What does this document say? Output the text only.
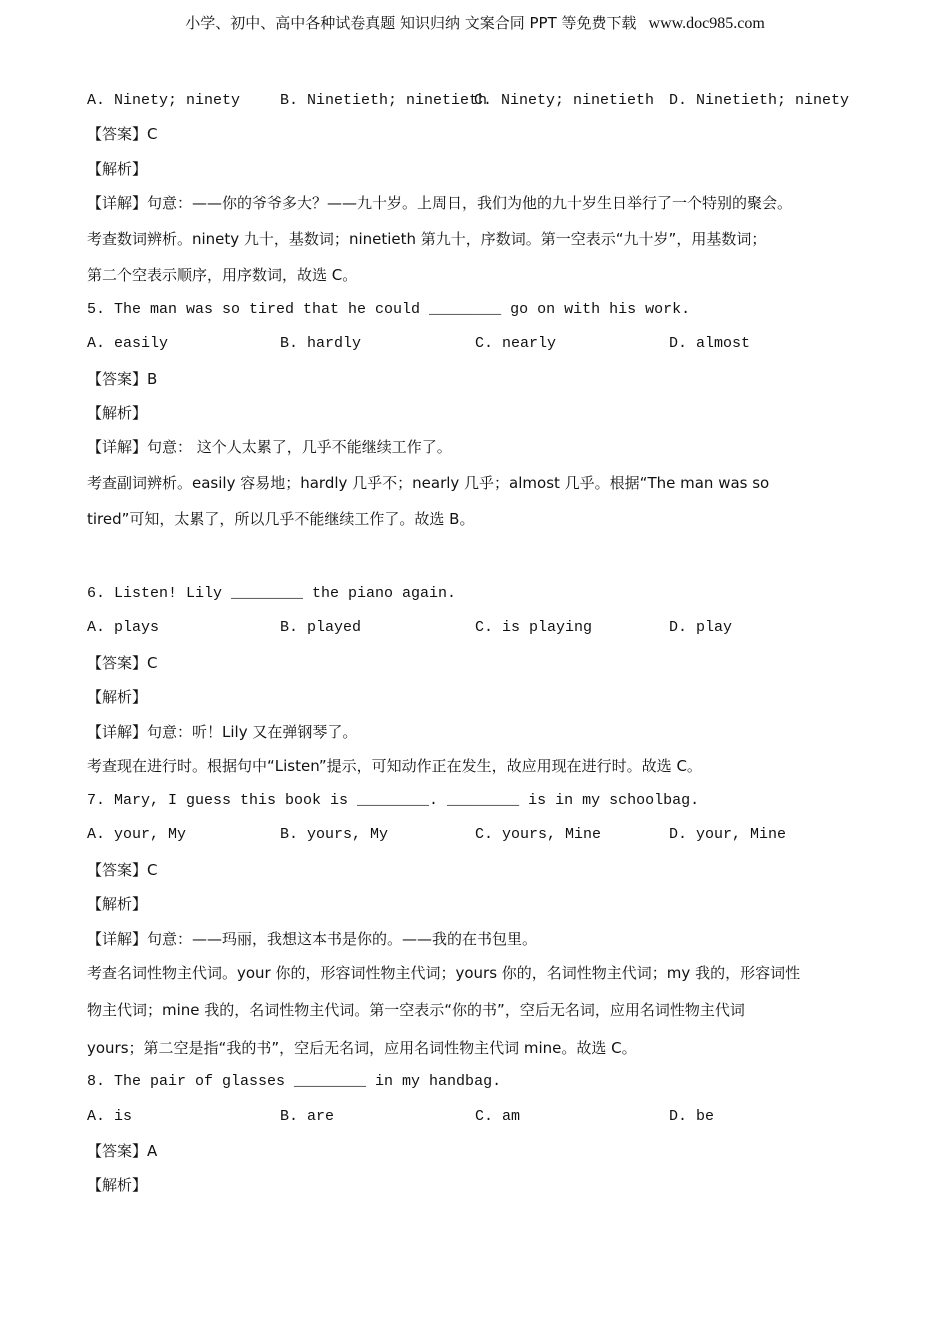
小学、初中、高中各种试卷真题 知识归纳 文案合同 PPT 等免费下载 www.doc985.com
A. Ninety; ninety	B. Ninetieth; ninetieth
C. Ninety; ninetieth D. Ninetieth; ninety
【答案】C
【解析】
【详解】句意：——你的爷爷多大？——九十岁。上周日，我们为他的九十岁生日举行了一个特别的聚会。
考查数词辨析。ninety 九十，基数词；ninetieth 第九十，序数词。第一空表示“九十岁”，用基数词；
第二个空表示顺序，用序数词，故选 C。
5. The man was so tired that he could ________ go on with his work.
A. easily	B. hardly	C. nearly	D. almost
【答案】B
【解析】
【详解】句意： 这个人太累了，几乎不能继续工作了。
考查副词辨析。easily 容易地；hardly 几乎不；nearly 几乎；almost 几乎。根据“The man was so
tired”可知，太累了，所以几乎不能继续工作了。故选 B。
6. Listen! Lily ________ the piano again.
A. plays	B. played	C. is playing	D. play
【答案】C
【解析】
【详解】句意：听！Lily 又在弹钢琴了。
考查现在进行时。根据句中“Listen”提示，可知动作正在发生，故应用现在进行时。故选 C。
7. Mary, I guess this book is ________. ________ is in my schoolbag.
A. your, My	B. yours, My	C. yours, Mine	D. your, Mine
【答案】C
【解析】
【详解】句意：——玛丽，我想这本书是你的。——我的在书包里。
考查名词性物主代词。your 你的，形容词性物主代词；yours 你的，名词性物主代词；my 我的，形容词性
物主代词；mine 我的，名词性物主代词。第一空表示“你的书”，空后无名词，应用名词性物主代词
yours；第二空是指“我的书”，空后无名词，应用名词性物主代词 mine。故选 C。
8. The pair of glasses ________ in my handbag.
A. is	B. are	C. am	D. be
【答案】A
【解析】
